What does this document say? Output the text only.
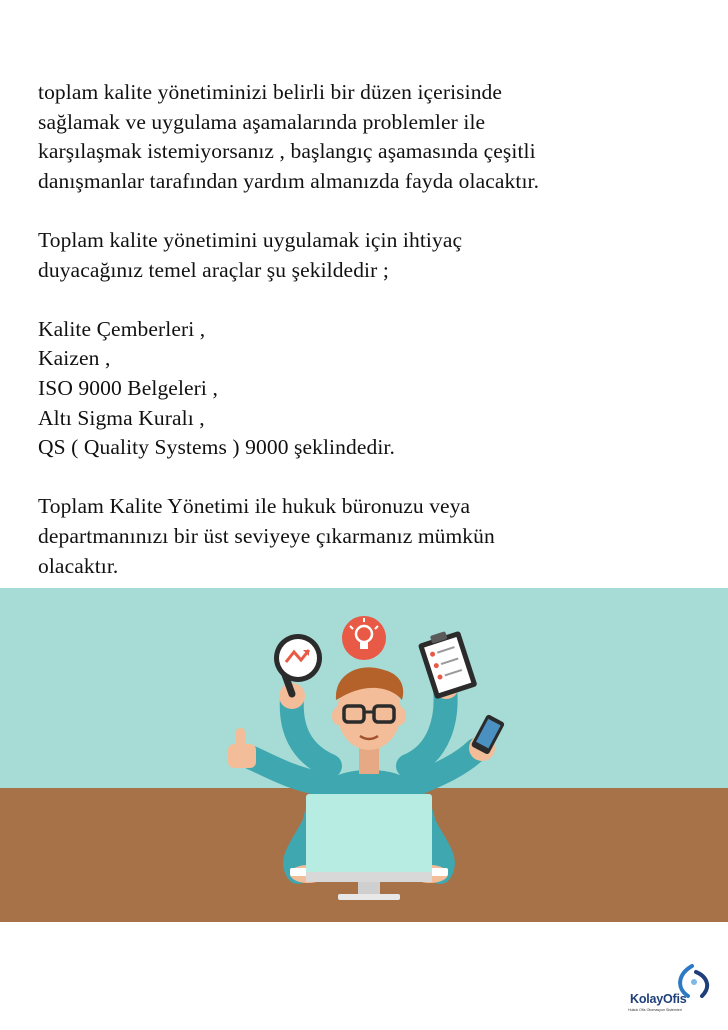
toplam kalite yönetiminizi belirli bir düzen içerisinde

sağlamak ve uygulama aşamalarında problemler ile

karşılaşmak istemiyorsanız , başlangıç aşamasında çeşitli

danışmanlar tarafından yardım almanızda fayda olacaktır.

Toplam kalite yönetimini uygulamak için ihtiyaç

duyacağınız temel araçlar şu şekildedir ;

Kalite Çemberleri ,

Kaizen ,

ISO 9000 Belgeleri ,

Altı Sigma Kuralı ,

QS ( Quality Systems ) 9000 şeklindedir.

Toplam Kalite Yönetimi ile hukuk büronuzu veya

departmanınızı bir üst seviyeye çıkarmanız mümkün

olacaktır.

KolayOfis
Hukuk Ofis Otomasyon Sistemleri
